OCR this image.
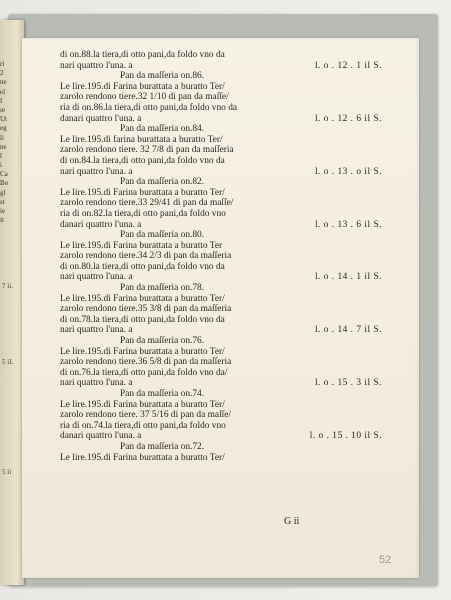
ri
2
ne
el
I
ıe
Ut
eg
li
ne
l
i
Ca
Bo
gl
st
ie
it
7 ii.
5 iI.
5 ii
di on.88.la tiera,di otto pani,da foldo vno da
nari quattro l'una. a	l. o . 12 . 1 il S.
Pan da maſſeria on.86.
Le lire.195.di Farina burattata a buratto Ter/
zarolo rendono tiere.32 1/10 di pan da maſſe/
ria di on.86.la tiera,di otto pani,da foldo vno da
danari quattro l'una. a	l. o . 12 . 6 il S.
Pan da maſſeria on.84.
Le lire.195.di farina burattata a buratto Ter/
zarolo rendono tiere. 32 7/8 di pan da maſſeria
di on.84.la tiera,di otto pani,da foldo vno da
nari quattro l'una. a	l. o . 13 . o il S.
Pan da maſſeria on.82.
Le lire.195.di Farina burattata a buratto Ter/
zarolo rendono tiere.33 29/41 di pan da maſſe/
ria di on.82.la tiera,di otto pani,da foldo vno
danari quattro l'una. a	l. o . 13 . 6 il S.
Pan da maſſeria on.80.
Le lire.195.di Farina burattata a buratto Ter
zarolo rendono tiere.34 2/3 di pan da maſſeria
di on.80.la tiera,di otto pani,da foldo vno da
nari quattro l'una. a	l. o . 14 . 1 il S.
Pan da maſſeria on.78.
Le lire.195.di Farina burattata a buratto Ter/
zarolo rendono tiere.35 3/8 di pan da maſſeria
di on.78.la tiera,di otto pani,da foldo vno da
nari quattro l'una. a	l. o . 14 . 7 il S.
Pan da maſſeria on.76.
Le lire.195.di Farina burattata a buratto Ter/
zarolo rendono tiere.36 5/8 di pan da maſſeria
di on.76.la tiera,di otto pani,da foldo vno da/
nari quattro l'una. a	l. o . 15 . 3 il S.
Pan da maſſeria on.74.
Le lire.195.di Farina burattata a buratto Ter/
zarolo rendono tiere. 37 5/16 di pan da maſſe/
ria di on.74.la tiera,di otto pani,da foldo vno
danari quattro l'una. a	l. o . 15 . 10 il S.
Pan da maſſeria on.72.
Le lire.195.di Farina burattata a buratto Ter/
G ii
52
